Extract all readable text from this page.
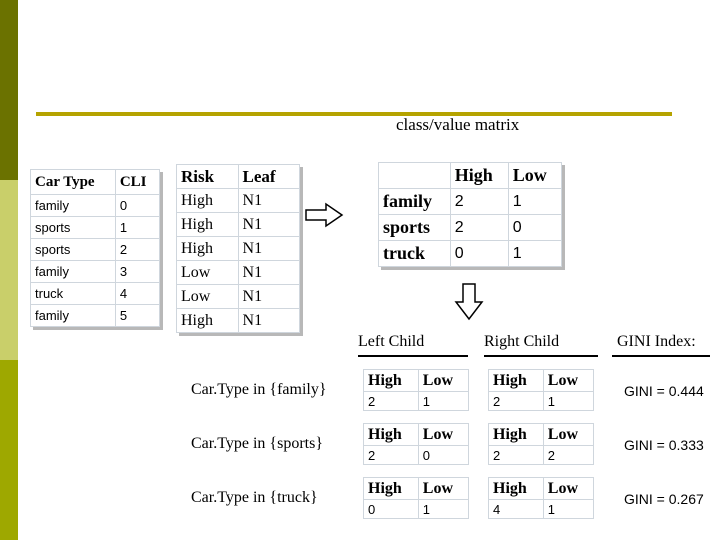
class/value matrix
Car Type	CLI
family	0
sports	1
sports	2
family	3
truck	4
family	5
Risk	Leaf
High	N1
High	N1
High	N1
Low	N1
Low	N1
High	N1
	High	Low
family	2	1
sports	2	0
truck	0	1
Left Child	Right Child	GINI Index:
Car.Type in {family}
High	Low
2	1
High	Low
2	1
GINI = 0.444
Car.Type in {sports}
High	Low
2	0
High	Low
2	2
GINI = 0.333
Car.Type in {truck}
High	Low
0	1
High	Low
4	1
GINI = 0.267
